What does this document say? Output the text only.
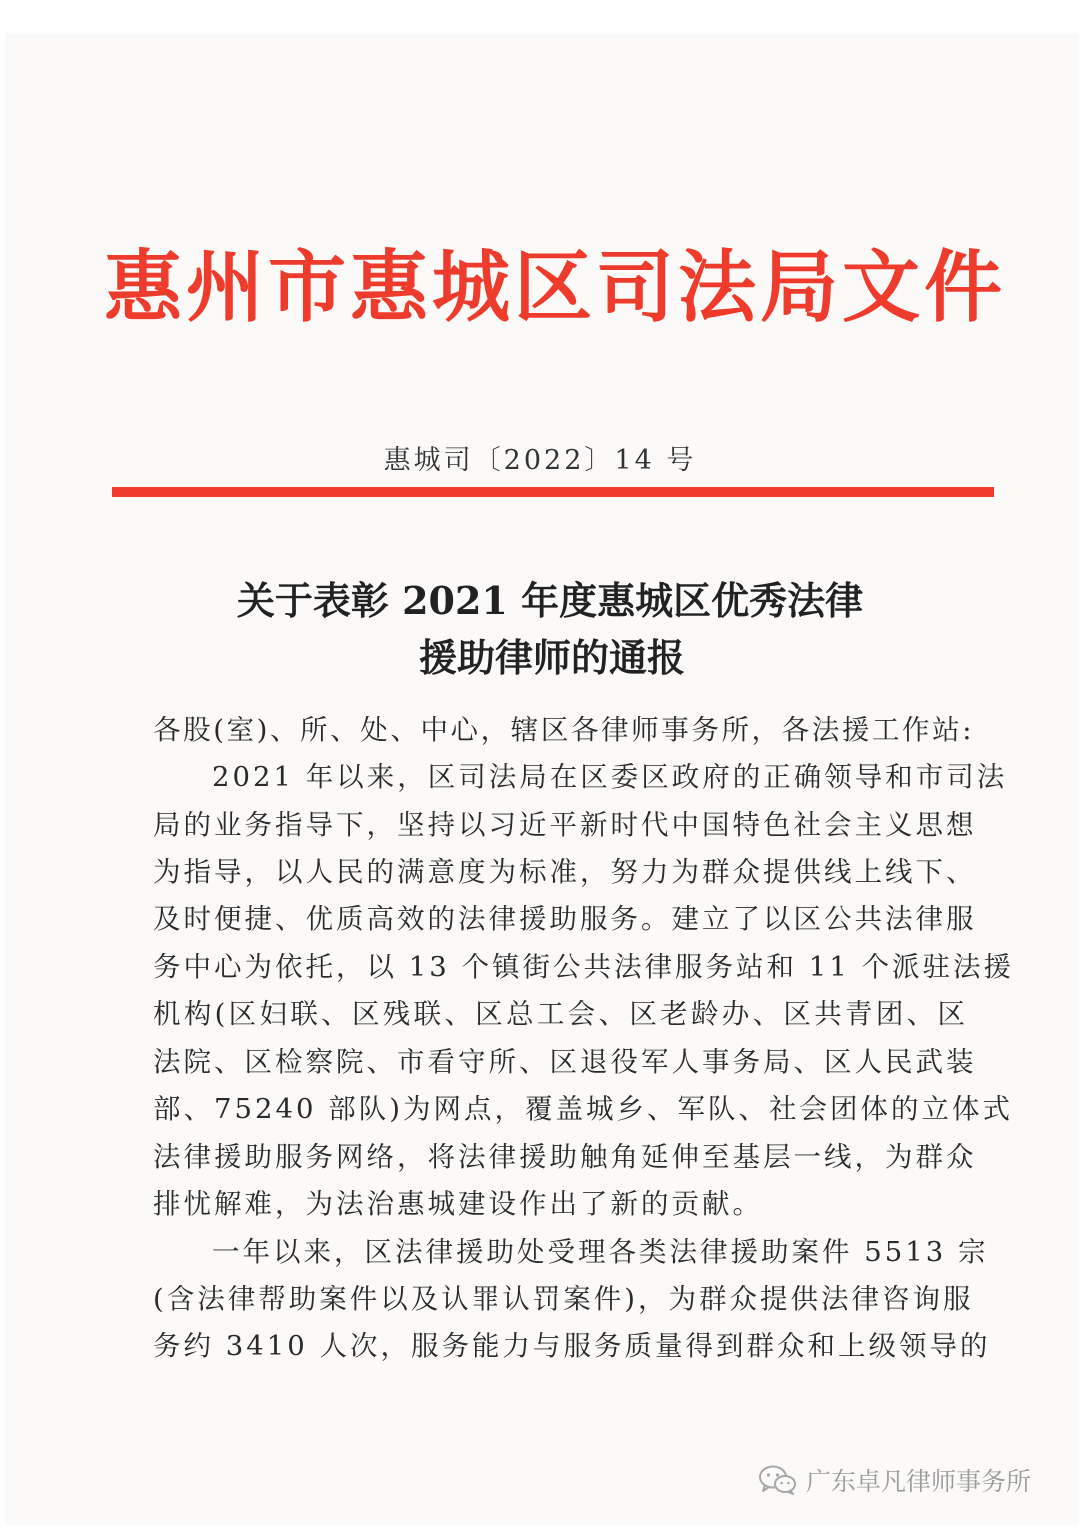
惠州市惠城区司法局文件
惠城司〔2022〕14 号
关于表彰 2021 年度惠城区优秀法律
援助律师的通报
各股(室)、所、处、中心，辖区各律师事务所，各法援工作站:
2021 年以来，区司法局在区委区政府的正确领导和市司法
局的业务指导下，坚持以习近平新时代中国特色社会主义思想
为指导，以人民的满意度为标准，努力为群众提供线上线下、
及时便捷、优质高效的法律援助服务。建立了以区公共法律服
务中心为依托，以 13 个镇街公共法律服务站和 11 个派驻法援
机构(区妇联、区残联、区总工会、区老龄办、区共青团、区
法院、区检察院、市看守所、区退役军人事务局、区人民武装
部、75240 部队)为网点，覆盖城乡、军队、社会团体的立体式
法律援助服务网络，将法律援助触角延伸至基层一线，为群众
排忧解难，为法治惠城建设作出了新的贡献。
一年以来，区法律援助处受理各类法律援助案件 5513 宗
(含法律帮助案件以及认罪认罚案件)，为群众提供法律咨询服
务约 3410 人次，服务能力与服务质量得到群众和上级领导的
广东卓凡律师事务所
